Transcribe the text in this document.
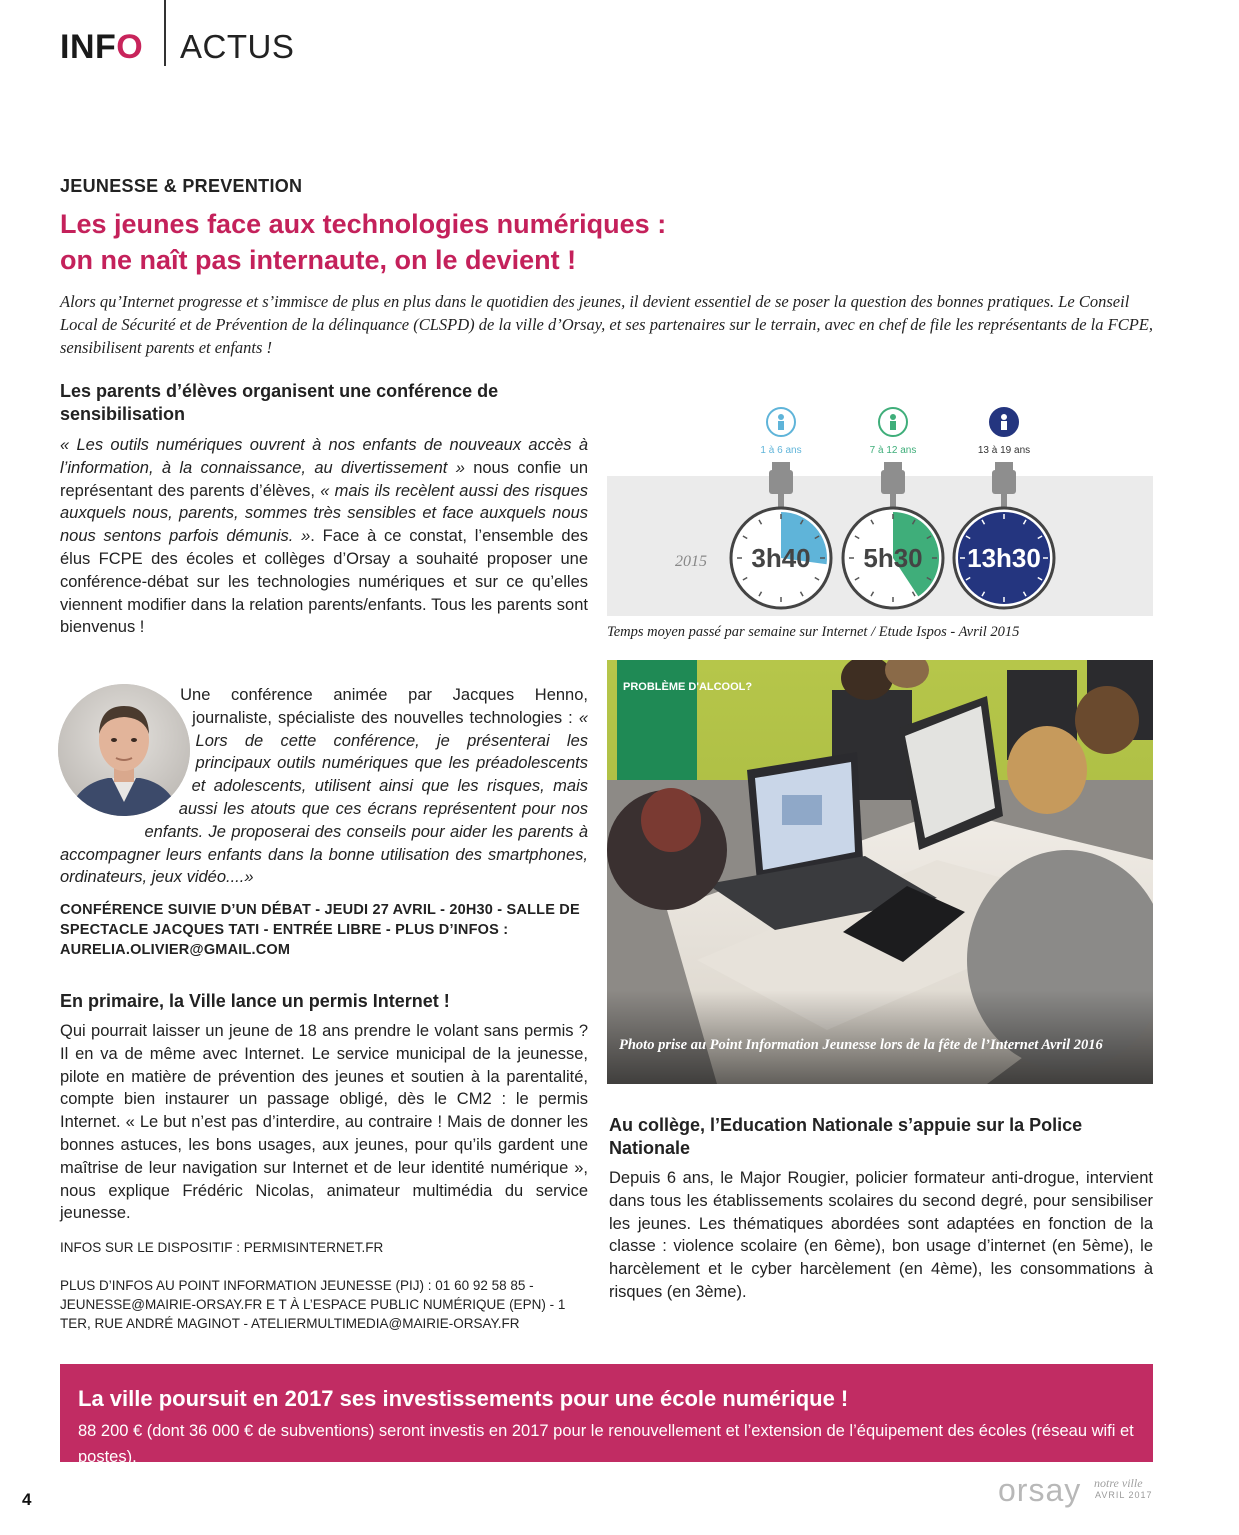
INFO ACTUS
JEUNESSE & PREVENTION
Les jeunes face aux technologies numériques :
on ne naît pas internaute, on le devient !
Alors qu’Internet progresse et s’immisce de plus en plus dans le quotidien des jeunes, il devient essentiel de se poser la question des bonnes pratiques. Le Conseil Local de Sécurité et de Prévention de la délinquance (CLSPD) de la ville d’Orsay, et ses partenaires sur le terrain, avec en chef de file les représentants de la FCPE, sensibilisent parents et enfants !
Les parents d’élèves organisent une conférence de sensibilisation
« Les outils numériques ouvrent à nos enfants de nouveaux accès à l’information, à la connaissance, au divertissement » nous confie un représentant des parents d’élèves, « mais ils recèlent aussi des risques auxquels nous, parents, sommes très sensibles et face auxquels nous nous sentons parfois démunis. ». Face à ce constat, l’ensemble des élus FCPE des écoles et collèges d’Orsay a souhaité proposer une conférence-débat sur les technologies numériques et sur ce qu’elles viennent modifier dans la relation parents/enfants. Tous les parents sont bienvenus !
Une conférence animée par Jacques Henno, journaliste, spécialiste des nouvelles technologies : « Lors de cette conférence, je présenterai les principaux outils numériques que les préadolescents et adolescents, utilisent ainsi que les risques, mais aussi les atouts que ces écrans représentent pour nos enfants. Je proposerai des conseils pour aider les parents à accompagner leurs enfants dans la bonne utilisation des smartphones, ordinateurs, jeux vidéo....»
CONFÉRENCE SUIVIE D’UN DÉBAT - JEUDI 27 AVRIL - 20H30 - SALLE DE SPECTACLE JACQUES TATI - ENTRÉE LIBRE - PLUS D’INFOS : AURELIA.OLIVIER@GMAIL.COM
En primaire, la Ville lance un permis Internet !
Qui pourrait laisser un jeune de 18 ans prendre le volant sans permis ? Il en va de même avec Internet. Le service municipal de la jeunesse, pilote en matière de prévention des jeunes et soutien à la parentalité, compte bien instaurer un passage obligé, dès le CM2 : le permis Internet. « Le but n’est pas d’interdire, au contraire ! Mais de donner les bonnes astuces, les bons usages, aux jeunes, pour qu’ils gardent une maîtrise de leur navigation sur Internet et de leur identité numérique », nous explique Frédéric Nicolas, animateur multimédia du service jeunesse.
INFOS SUR LE DISPOSITIF : PERMISINTERNET.FR
PLUS D’INFOS AU POINT INFORMATION JEUNESSE (PIJ) : 01 60 92 58 85 - JEUNESSE@MAIRIE-ORSAY.FR E T À L’ESPACE PUBLIC NUMÉRIQUE (EPN) - 1 TER, RUE ANDRÉ MAGINOT - ATELIERMULTIMEDIA@MAIRIE-ORSAY.FR
2015
1 à 6 ans
3h40
7 à 12 ans
5h30
13 à 19 ans
13h30
Temps moyen passé par semaine sur Internet / Etude Ispos - Avril 2015
PROBLÈME D'ALCOOL?
Photo prise au Point Information Jeunesse lors de la fête de l’Internet Avril 2016
Au collège, l’Education Nationale s’appuie sur la Police Nationale
Depuis 6 ans, le Major Rougier, policier formateur anti-drogue, intervient dans tous les établissements scolaires du second degré, pour sensibiliser les jeunes. Les thématiques abordées sont adaptées en fonction de la classe : violence scolaire (en 6ème), bon usage d’internet (en 5ème), le harcèlement et le cyber harcèlement (en 4ème), les consommations à risques (en 3ème).
La ville poursuit en 2017 ses investissements pour une école numérique !
88 200 € (dont 36 000 € de subventions) seront investis en 2017 pour le renouvellement et l’extension de l’équipement des écoles (réseau wifi et postes).
4	orsay notre ville
AVRIL 2017
